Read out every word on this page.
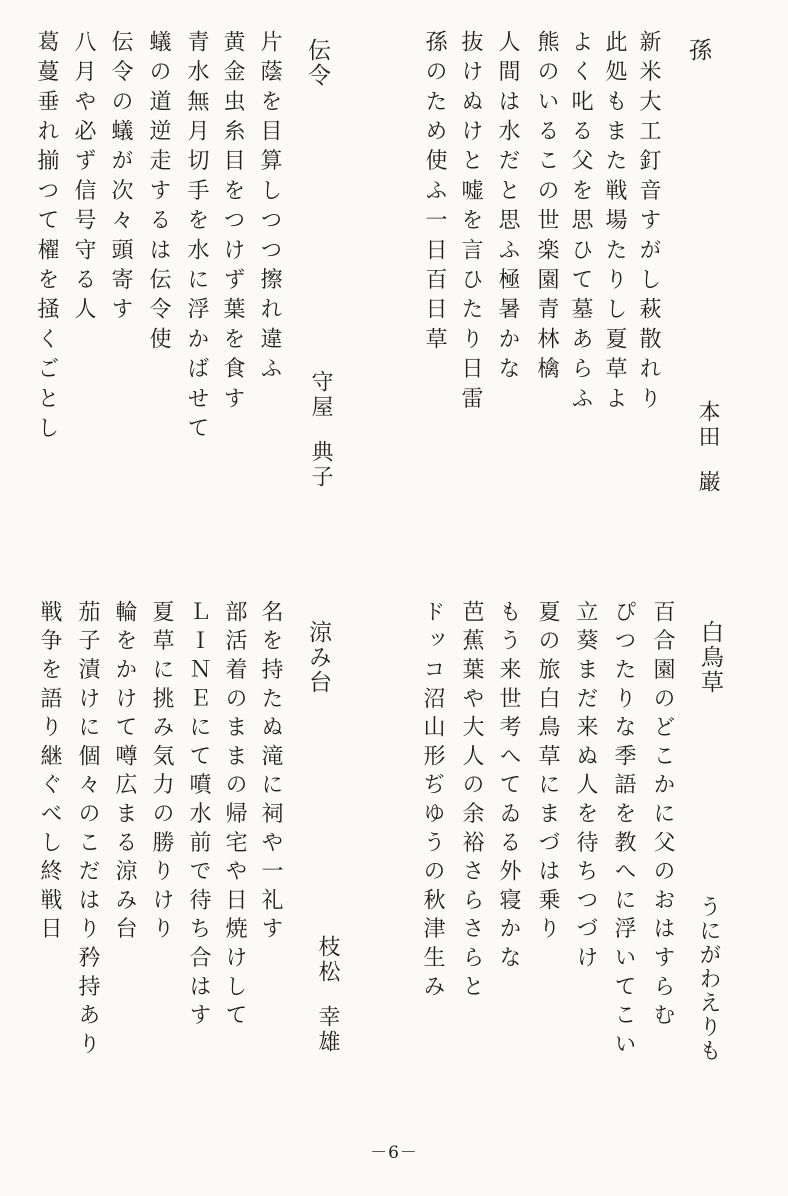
孫
本田
巌
新米大工釘音すがし萩散れり
此処もまた戦場たりし夏草よ
よく叱る父を思ひて墓あらふ
熊のいるこの世楽園青林檎
人間は水だと思ふ極暑かな
抜けぬけと嘘を言ひたり日雷
孫のため使ふ一日百日草
伝令
守屋
典子
片蔭を目算しつつ擦れ違ふ
黄金虫糸目をつけず葉を食す
青水無月切手を水に浮かばせて
蟻の道逆走するは伝令使
伝令の蟻が次々頭寄す
八月や必ず信号守る人
葛蔓垂れ揃つて櫂を掻くごとし
白鳥草
うにがわえりも
百合園のどこかに父のおはすらむ
ぴつたりな季語を教へに浮いてこい
立葵まだ来ぬ人を待ちつづけ
夏の旅白鳥草にまづは乗り
もう来世考へてゐる外寝かな
芭蕉葉や大人の余裕さらさらと
ドッコ沼山形ぢゆうの秋津生み
涼み台
枝松
幸雄
名を持たぬ滝に祠や一礼す
部活着のままの帰宅や日焼けして
ＬＩＮＥにて噴水前で待ち合はす
夏草に挑み気力の勝りけり
輪をかけて噂広まる涼み台
茄子漬けに個々のこだはり矜持あり
戦争を語り継ぐべし終戦日
－6－
